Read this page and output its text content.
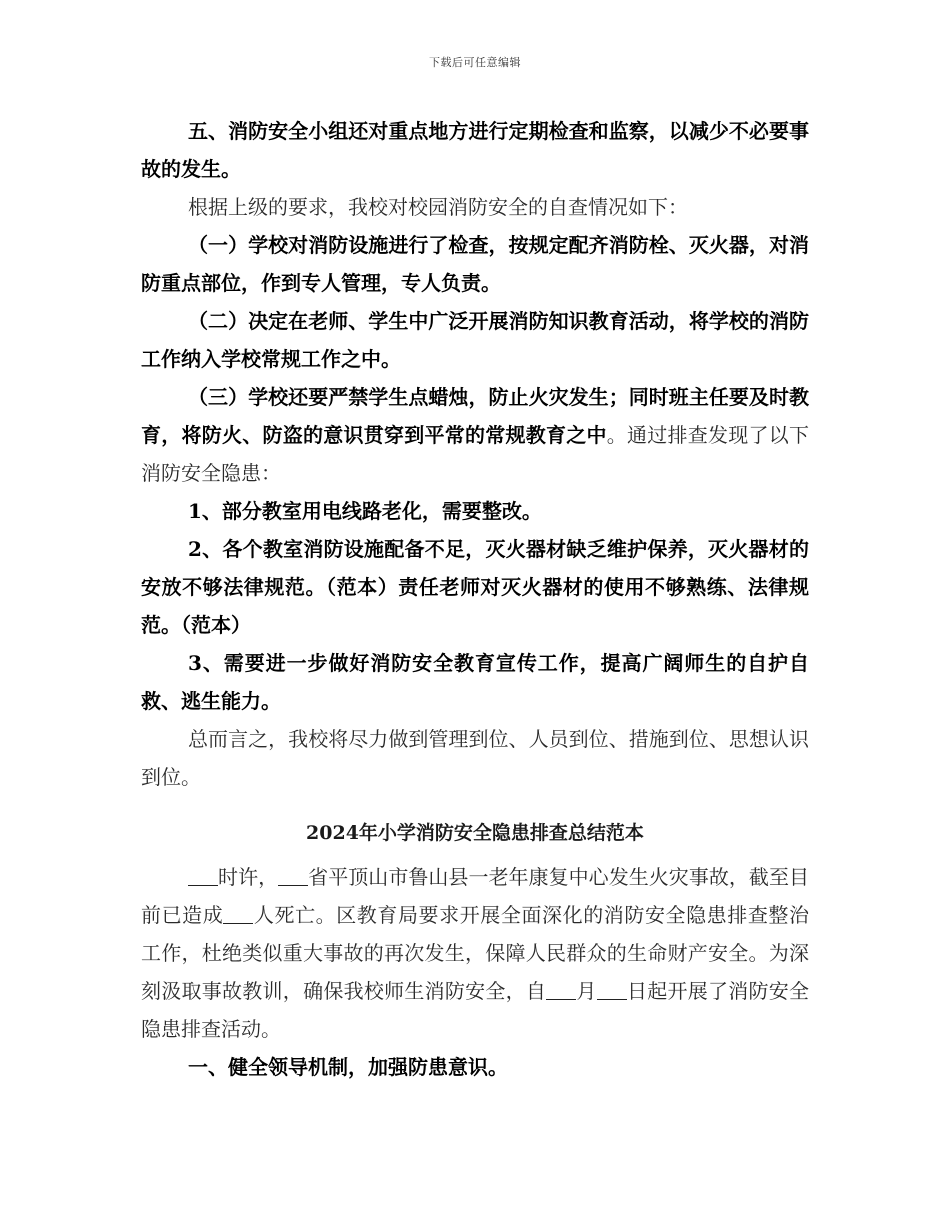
下载后可任意编辑

五、消防安全小组还对重点地方进行定期检查和监察，以减少不必要事故的发生。

根据上级的要求，我校对校园消防安全的自查情况如下：

（一）学校对消防设施进行了检查，按规定配齐消防栓、灭火器，对消防重点部位，作到专人管理，专人负责。

（二）决定在老师、学生中广泛开展消防知识教育活动，将学校的消防工作纳入学校常规工作之中。

（三）学校还要严禁学生点蜡烛，防止火灾发生；同时班主任要及时教育，将防火、防盗的意识贯穿到平常的常规教育之中。通过排查发现了以下消防安全隐患：

1、部分教室用电线路老化，需要整改。

2、各个教室消防设施配备不足，灭火器材缺乏维护保养，灭火器材的安放不够法律规范。（范本）责任老师对灭火器材的使用不够熟练、法律规范。（范本）

3、需要进一步做好消防安全教育宣传工作，提高广阔师生的自护自救、逃生能力。

总而言之，我校将尽力做到管理到位、人员到位、措施到位、思想认识到位。

2024年小学消防安全隐患排查总结范本

时许， 省平顶山市鲁山县一老年康复中心发生火灾事故，截至目前已造成 人死亡。区教育局要求开展全面深化的消防安全隐患排查整治工作，杜绝类似重大事故的再次发生，保障人民群众的生命财产安全。为深刻汲取事故教训，确保我校师生消防安全，自 月 日起开展了消防安全隐患排查活动。

一、健全领导机制，加强防患意识。
